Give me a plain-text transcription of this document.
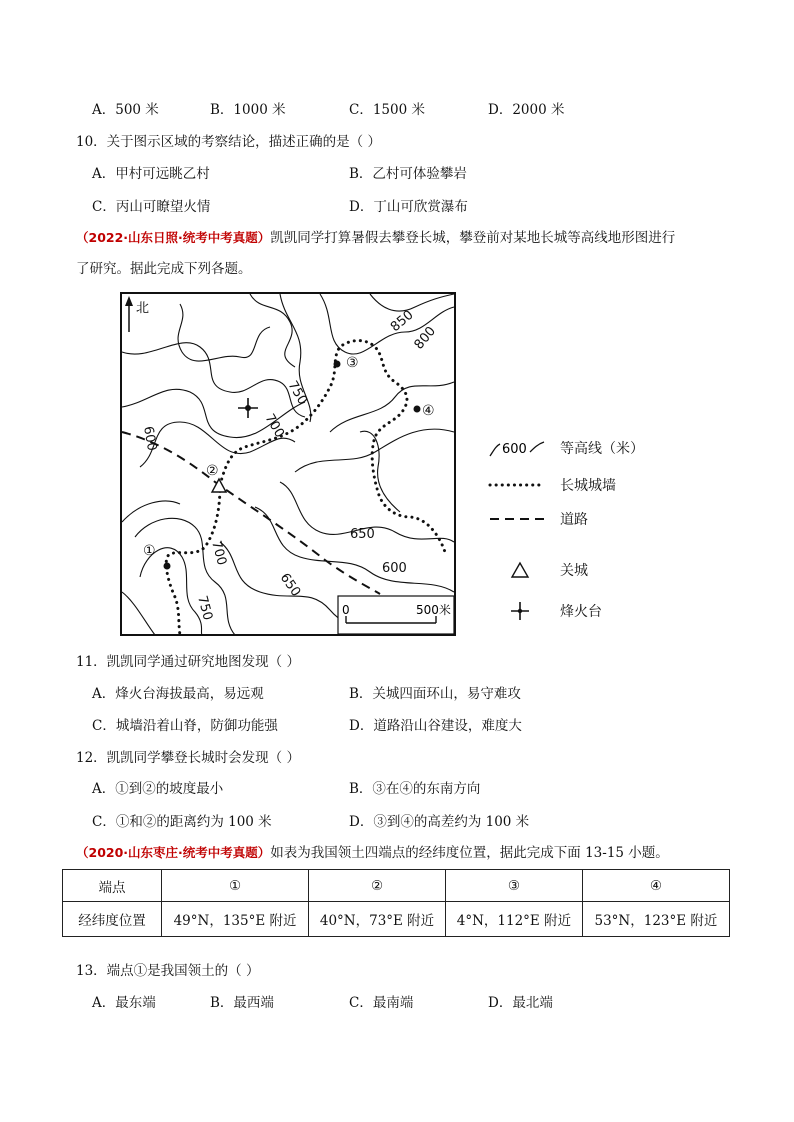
A．500 米	B．1000 米	C．1500 米	D．2000 米
10．关于图示区域的考察结论，描述正确的是（ ）
A．甲村可远眺乙村	B．乙村可体验攀岩
C．丙山可瞭望火情	D．丁山可欣赏瀑布
（2022·山东日照·统考中考真题）凯凯同学打算暑假去攀登长城，攀登前对某地长城等高线地形图进行
了研究。据此完成下列各题。
北
600
650
700
750
800
850
600
650
700
750
①
②
③
④
0	500米
600 等高线（米）
长城城墙
道路
关城
烽火台
11．凯凯同学通过研究地图发现（ ）
A．烽火台海拔最高，易远观	B．关城四面环山，易守难攻
C．城墙沿着山脊，防御功能强	D．道路沿山谷建设，难度大
12．凯凯同学攀登长城时会发现（ ）
A．①到②的坡度最小	B．③在④的东南方向
C．①和②的距离约为 100 米	D．③到④的高差约为 100 米
（2020·山东枣庄·统考中考真题）如表为我国领土四端点的经纬度位置，据此完成下面 13-15 小题。
端点	①	②	③	④
经纬度位置	49°N，135°E 附近	40°N，73°E 附近	4°N，112°E 附近	53°N，123°E 附近
13．端点①是我国领土的（ ）
A．最东端	B．最西端	C．最南端	D．最北端
